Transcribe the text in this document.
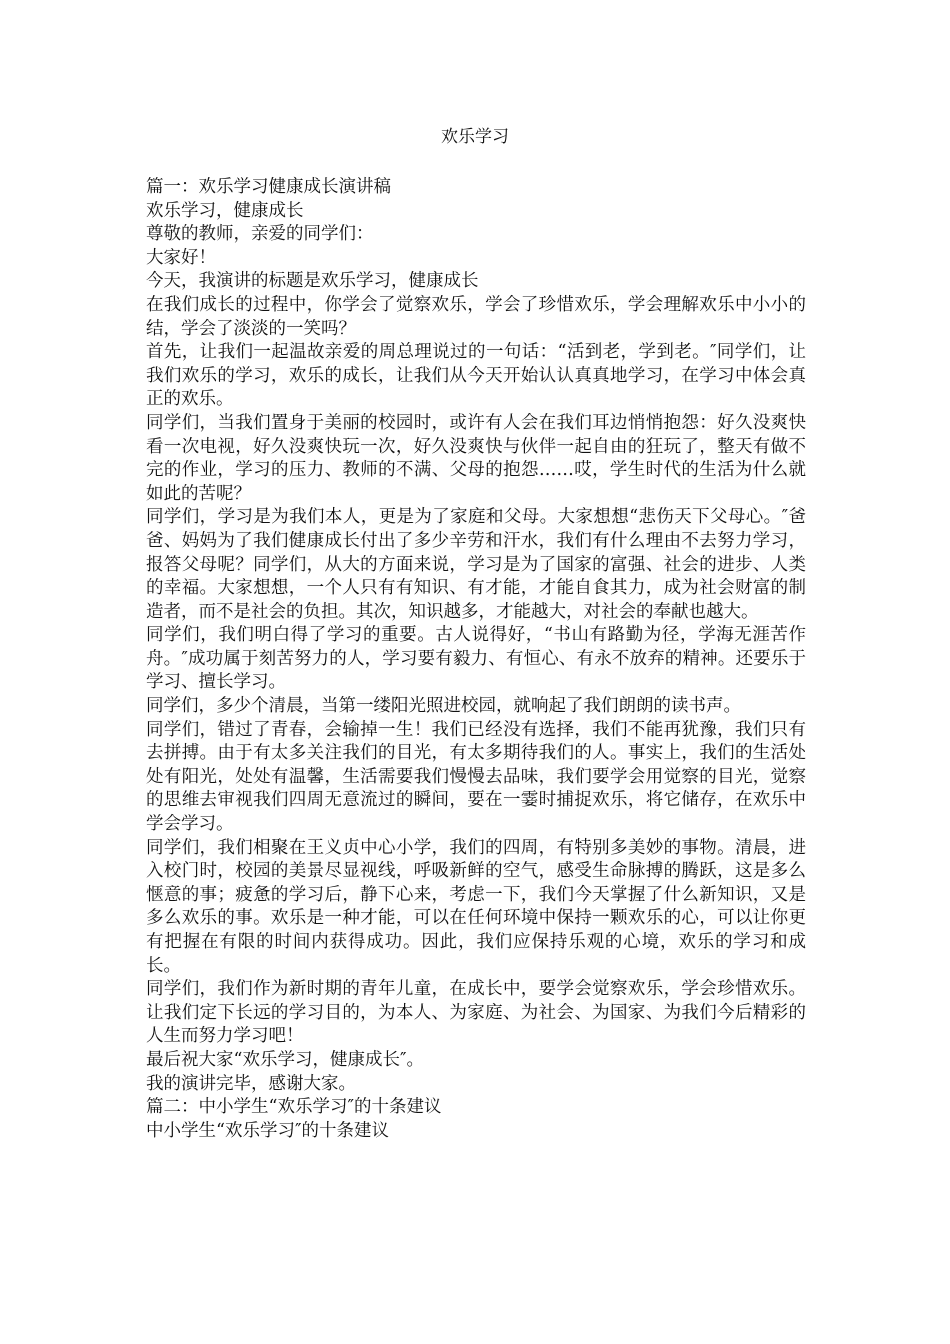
欢乐学习

篇一：欢乐学习健康成长演讲稿

欢乐学习，健康成长

尊敬的教师，亲爱的同学们：

大家好！

今天，我演讲的标题是欢乐学习，健康成长

在我们成长的过程中，你学会了觉察欢乐，学会了珍惜欢乐，学会理解欢乐中小小的结，学会了淡淡的一笑吗？

首先，让我们一起温故亲爱的周总理说过的一句话：“活到老，学到老。″同学们，让我们欢乐的学习，欢乐的成长，让我们从今天开始认认真真地学习，在学习中体会真正的欢乐。

同学们，当我们置身于美丽的校园时，或许有人会在我们耳边悄悄抱怨：好久没爽快看一次电视，好久没爽快玩一次，好久没爽快与伙伴一起自由的狂玩了，整天有做不完的作业，学习的压力、教师的不满、父母的抱怨……哎，学生时代的生活为什么就如此的苦呢？

同学们，学习是为我们本人，更是为了家庭和父母。大家想想“悲伤天下父母心。″爸爸、妈妈为了我们健康成长付出了多少辛劳和汗水，我们有什么理由不去努力学习，报答父母呢？同学们，从大的方面来说，学习是为了国家的富强、社会的进步、人类的幸福。大家想想，一个人只有有知识、有才能，才能自食其力，成为社会财富的制造者，而不是社会的负担。其次，知识越多，才能越大，对社会的奉献也越大。

同学们，我们明白得了学习的重要。古人说得好，“书山有路勤为径，学海无涯苦作舟。″成功属于刻苦努力的人，学习要有毅力、有恒心、有永不放弃的精神。还要乐于学习、擅长学习。

同学们，多少个清晨，当第一缕阳光照进校园，就响起了我们朗朗的读书声。

同学们，错过了青春，会输掉一生！我们已经没有选择，我们不能再犹豫，我们只有去拼搏。由于有太多关注我们的目光，有太多期待我们的人。事实上，我们的生活处处有阳光，处处有温馨，生活需要我们慢慢去品味，我们要学会用觉察的目光，觉察的思维去审视我们四周无意流过的瞬间，要在一霎时捕捉欢乐，将它储存，在欢乐中学会学习。

同学们，我们相聚在王义贞中心小学，我们的四周，有特别多美妙的事物。清晨，进入校门时，校园的美景尽显视线，呼吸新鲜的空气，感受生命脉搏的腾跃，这是多么惬意的事；疲惫的学习后，静下心来，考虑一下，我们今天掌握了什么新知识，又是多么欢乐的事。欢乐是一种才能，可以在任何环境中保持一颗欢乐的心，可以让你更有把握在有限的时间内获得成功。因此，我们应保持乐观的心境，欢乐的学习和成长。

同学们，我们作为新时期的青年儿童，在成长中，要学会觉察欢乐，学会珍惜欢乐。让我们定下长远的学习目的，为本人、为家庭、为社会、为国家、为我们今后精彩的人生而努力学习吧！

最后祝大家“欢乐学习，健康成长″。

我的演讲完毕，感谢大家。

篇二：中小学生“欢乐学习″的十条建议

中小学生“欢乐学习″的十条建议
